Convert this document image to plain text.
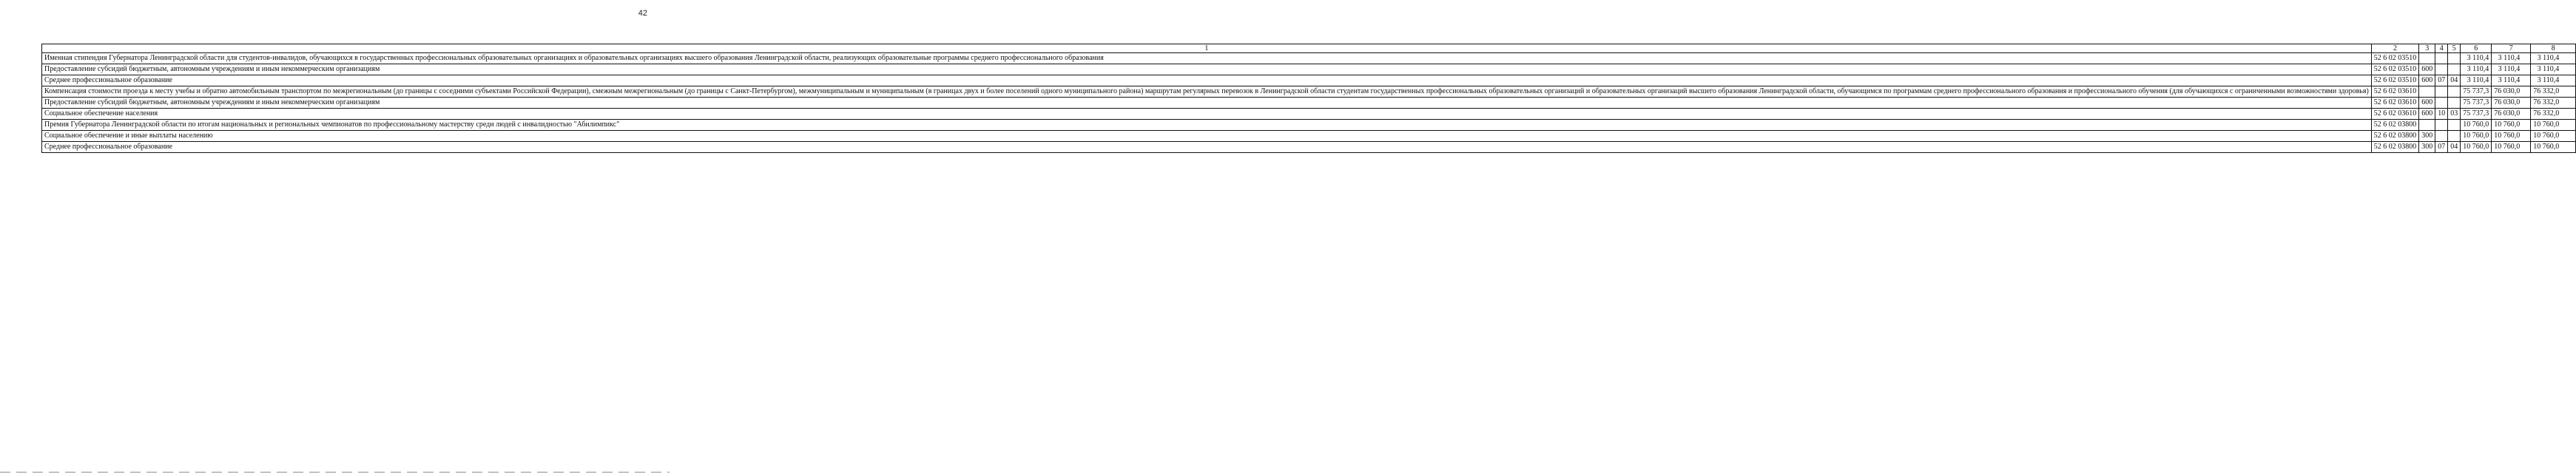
42
1	2	3	4	5	6	7	8
Именная стипендия Губернатора Ленинградской области для студентов-инвалидов, обучающихся в государственных профессиональных образовательных организациях и образовательных организациях высшего образования Ленинградской области, реализующих образовательные программы среднего профессионального образования	52 6 02 03510				3 110,4	3 110,4	3 110,4
Предоставление субсидий бюджетным, автономным учреждениям и иным некоммерческим организациям	52 6 02 03510	600			3 110,4	3 110,4	3 110,4
Среднее профессиональное образование	52 6 02 03510	600	07	04	3 110,4	3 110,4	3 110,4
Компенсация стоимости проезда к месту учебы и обратно автомобильным транспортом по межрегиональным (до границы с соседними субъектами Российской Федерации), смежным межрегиональным (до границы с Санкт-Петербургом), межмуниципальным и муниципальным (в границах двух и более поселений одного муниципального района) маршрутам регулярных перевозок в Ленинградской области студентам государственных профессиональных образовательных организаций и образовательных организаций высшего образования Ленинградской области, обучающимся по программам среднего профессионального образования и профессионального обучения (для обучающихся с ограниченными возможностями здоровья)	52 6 02 03610				75 737,3	76 030,0	76 332,0
Предоставление субсидий бюджетным, автономным учреждениям и иным некоммерческим организациям	52 6 02 03610	600			75 737,3	76 030,0	76 332,0
Социальное обеспечение населения	52 6 02 03610	600	10	03	75 737,3	76 030,0	76 332,0
Премия Губернатора Ленинградской области по итогам национальных и региональных чемпионатов по профессиональному мастерству среди людей с инвалидностью "Абилимпикс"	52 6 02 03800				10 760,0	10 760,0	10 760,0
Социальное обеспечение и иные выплаты населению	52 6 02 03800	300			10 760,0	10 760,0	10 760,0
Среднее профессиональное образование	52 6 02 03800	300	07	04	10 760,0	10 760,0	10 760,0
